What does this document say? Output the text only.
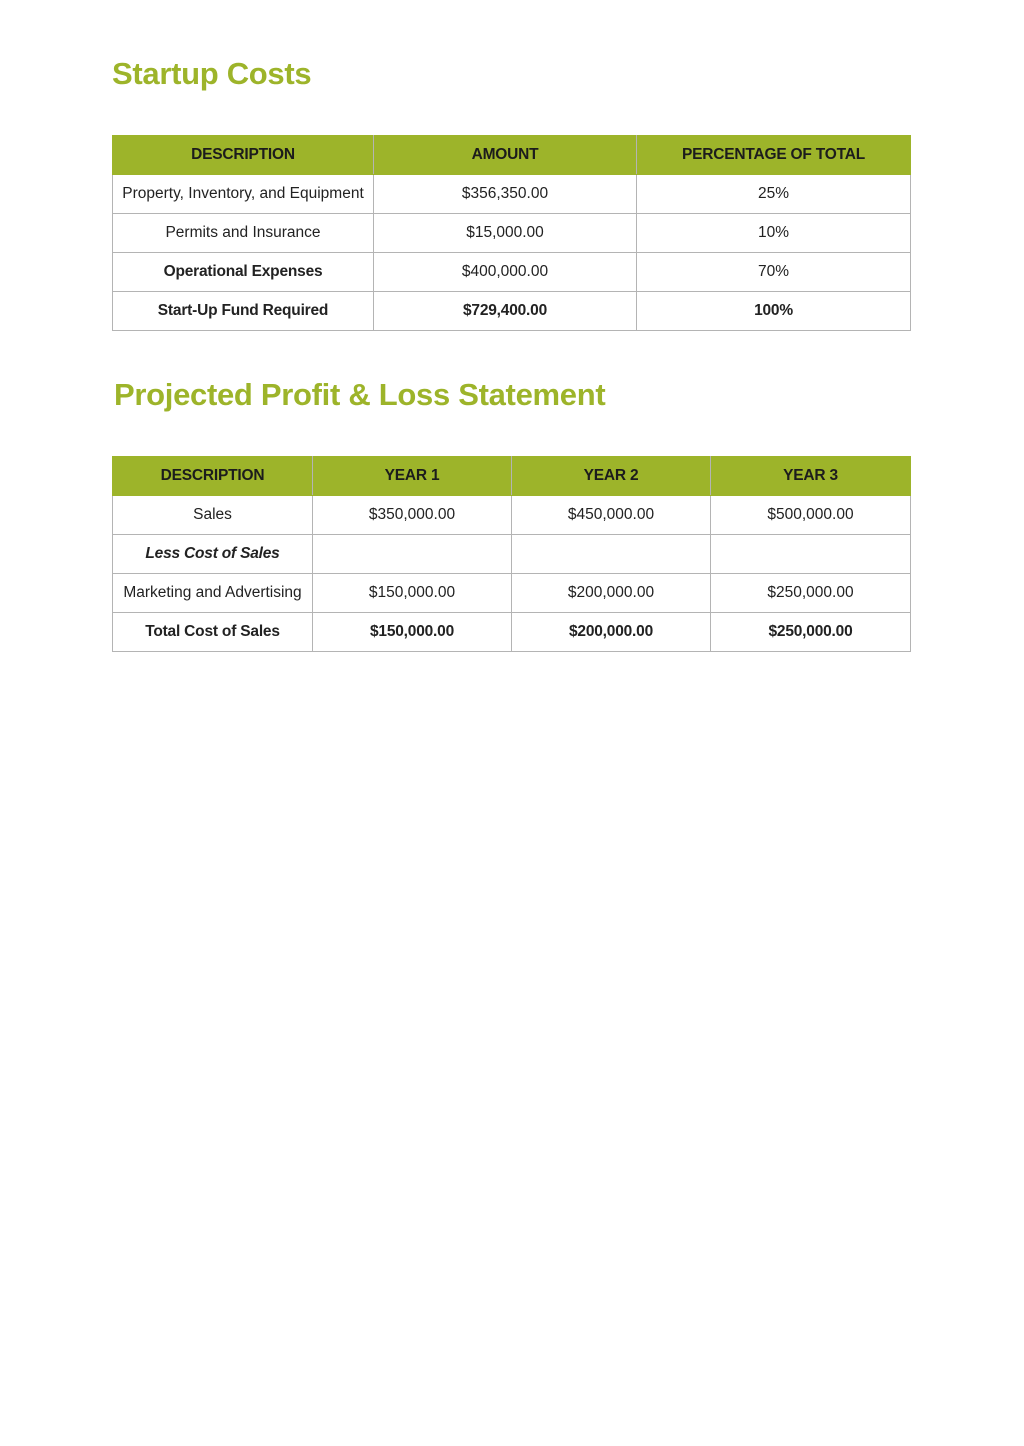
Startup Costs
DESCRIPTION	AMOUNT	PERCENTAGE OF TOTAL
Property, Inventory, and Equipment	$356,350.00	25%
Permits and Insurance	$15,000.00	10%
Operational Expenses	$400,000.00	70%
Start-Up Fund Required	$729,400.00	100%
Projected Profit & Loss Statement
DESCRIPTION	YEAR 1	YEAR 2	YEAR 3
Sales	$350,000.00	$450,000.00	$500,000.00
Less Cost of Sales			
Marketing and Advertising	$150,000.00	$200,000.00	$250,000.00
Total Cost of Sales	$150,000.00	$200,000.00	$250,000.00
